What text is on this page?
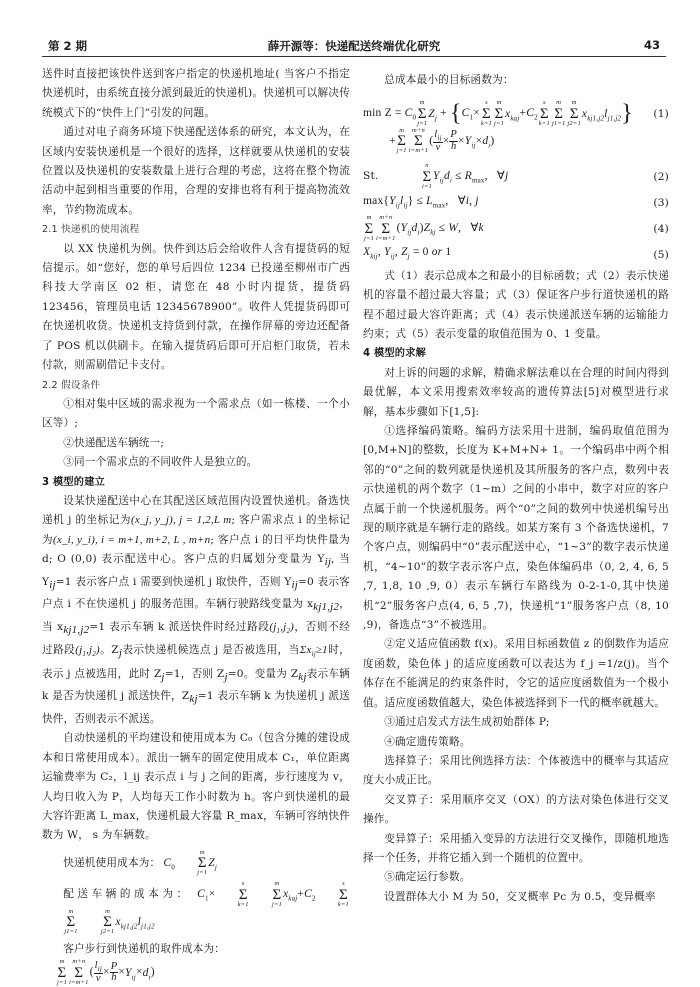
第 2 期	薛开源等：快递配送终端优化研究	43

送件时直接把该快件送到客户指定的快递机地址( 当客户不指定快递机时，由系统直接分派到最近的快递机)。快递机可以解决传统模式下的“快件上门”引发的问题。

通过对电子商务环境下快递配送体系的研究，本文认为，在区域内安装快递机是一个很好的选择，这样就要从快递机的安装位置以及快递机的安装数量上进行合理的考虑，这将在整个物流活动中起到相当重要的作用，合理的安排也将有利于提高物流效率，节约物流成本。

2.1 快递机的使用流程

以 XX 快递机为例。快件到达后会给收件人含有提货码的短信提示。如“您好，您的单号后四位 1234 已投递至柳州市广西科技大学南区 02 柜，请您在 48 小时内提货，提货码 123456，管理员电话 12345678900”。收件人凭提货码即可在快递机收货。快递机支持货到付款，在操作屏幕的旁边还配备了 POS 机以供刷卡。在输入提货码后即可开启柜门取货，若未付款，则需刷借记卡支付。

2.2 假设条件

①相对集中区域的需求视为一个需求点（如一栋楼、一个小区等）;

②快递配送车辆统一;

③同一个需求点的不同收件人是独立的。

3 模型的建立

设某快递配送中心在其配送区域范围内设置快递机。备选快递机 j 的坐标记为(x_j, y_j), j = 1,2,L m; 客户需求点 i 的坐标记为(x_i, y_i), i = m+1, m+2, L , m+n; 客户点 i 的日平均快件量为 d; O (0,0) 表示配送中心。客户点的归属划分变量为 $Y_{ij}$, 当 $Y_{ij}=1$ 表示客户点 i 需要到快递机 j 取快件，否则 $Y_{ij}=0$ 表示客户点 i 不在快递机 j 的服务范围。车辆行驶路线变量为 $x_{kj1,j2}$，当 $x_{kj1,j2}=1$ 表示车辆 k 派送快件时经过路段$(j_1,j_2)$，否则不经过路段$(j_1,j_2)$。$Z_j$表示快递机候选点 j 是否被选用，当$\Sigma x_{ij}\ge 1$时，表示 j 点被选用，此时 $Z_j=1$，否则 $Z_j=0$。变量为 $Z_{kj}$表示车辆 k 是否为快递机 j 派送快件，$Z_{kj}=1$ 表示车辆 k 为快递机 j 派送快件，否则表示不派送。

自动快递机的平均建设和使用成本为 C₀（包含分摊的建设成本和日常使用成本）。派出一辆车的固定使用成本 C₁，单位距离运输费率为 C₂，l_ij 表示点 i 与 j 之间的距离，步行速度为 v，人均日收入为 P，人均每天工作小时数为 h。客户到快递机的最大容许距离 L_max，快递机最大容量 R_max，车辆可容纳快件数为 W， s 为车辆数。

快递机使用成本为： $C_0$
m
Σ
j=1
$Z_j$

配送车辆的成本为： $C_1\times$
s
Σ
k=1
m
Σ
j=1
$x_{kaj}+C_2$
s
Σ
k=1
m
Σ
j1=1
m
Σ
j2=1
$x_{kj1,j2}l_{j1,j2}$

客户步行到快递机的取件成本为：

m
Σ
j=1
m+n
Σ
i=m+1
( $\frac{l_{ij}}{v} \times \frac{P}{h} \times Y_{ij}\times d_i$)

总成本最小的目标函数为：

$\min Z = C_0$
m
Σ
j=1
$Z_j + \{C_1\times$
s
Σ
k=1
m
Σ
j=1
$x_{kaj}+C_2$
s
Σ
k=1
m
Σ
j1=1
m
Σ
j2=1
$x_{kj1,j2}l_{j1,j2}$} (1)
+
m
Σ
j=1
m+n
Σ
i=m+1
( $\frac{l_{ij}}{v} \times \frac{P}{h} \times Y_{ij}\times d_i$)
St.
n
Σ
i=1
$Y_{ij}d_i \le R_{max}$,   ∀j	(2)
$\max\{Y_{ij}l_{ij}\} \le L_{max}$,   ∀i, j	(3)
m
Σ
j=1
m+n
Σ
i=m+1
$(Y_{ij}d_i)Z_{kj} \le W$,   ∀k	(4)
$X_{kij}$, $Y_{ij}$, $Z_j = 0$ or 1	(5)

式（1）表示总成本之和最小的目标函数；式（2）表示快递机的容量不超过最大容量；式（3）保证客户步行道快递机的路程不超过最大容许距离；式（4）表示快递派送车辆的运输能力约束；式（5）表示变量的取值范围为 0、1 变量。

4 模型的求解

对上诉的问题的求解，精确求解法难以在合理的时间内得到最优解，本文采用搜索效率较高的遗传算法[5]对模型进行求解，基本步骤如下[1,5]:

①选择编码策略。编码方法采用十进制，编码取值范围为[0,M+N]的整数，长度为 K+M+N+ 1。一个编码串中两个相邻的“0”之间的数列就是快递机及其所服务的客户点，数列中表示快递机的两个数字（1~m）之间的小串中，数字对应的客户点属于前一个快递机服务。两个“0”之间的数列中快递机编号出现的顺序就是车辆行走的路线。如某方案有 3 个备选快递机，7 个客户点，则编码中“0”表示配送中心，“1~3”的数字表示快递机，“4~10”的数字表示客户点，染色体编码串（0, 2, 4, 6, 5 ,7, 1,8, 10 ,9, 0）表示车辆行车路线为 0-2-1-0,其中快递机“2”服务客户点(4, 6, 5 ,7)，快递机“1”服务客户点（8, 10 ,9)，备选点“3”不被选用。

②定义适应值函数 f(x)。采用目标函数值 z 的倒数作为适应度函数，染色体 j 的适应度函数可以表达为 f_j =1/z(j)。当个体存在不能满足的约束条件时，令它的适应度函数值为一个极小值。适应度函数值越大，染色体被选择到下一代的概率就越大。

③通过启发式方法生成初始群体 P;

④确定遗传策略。

选择算子：采用比例选择方法：个体被选中的概率与其适应度大小成正比。

交叉算子：采用顺序交叉（OX）的方法对染色体进行交叉操作。

变异算子：采用插入变异的方法进行交叉操作，即随机地选择一个任务，并将它插入到一个随机的位置中。

⑤确定运行参数。

设置群体大小 M 为 50，交叉概率 Pc 为 0.5，变异概率
